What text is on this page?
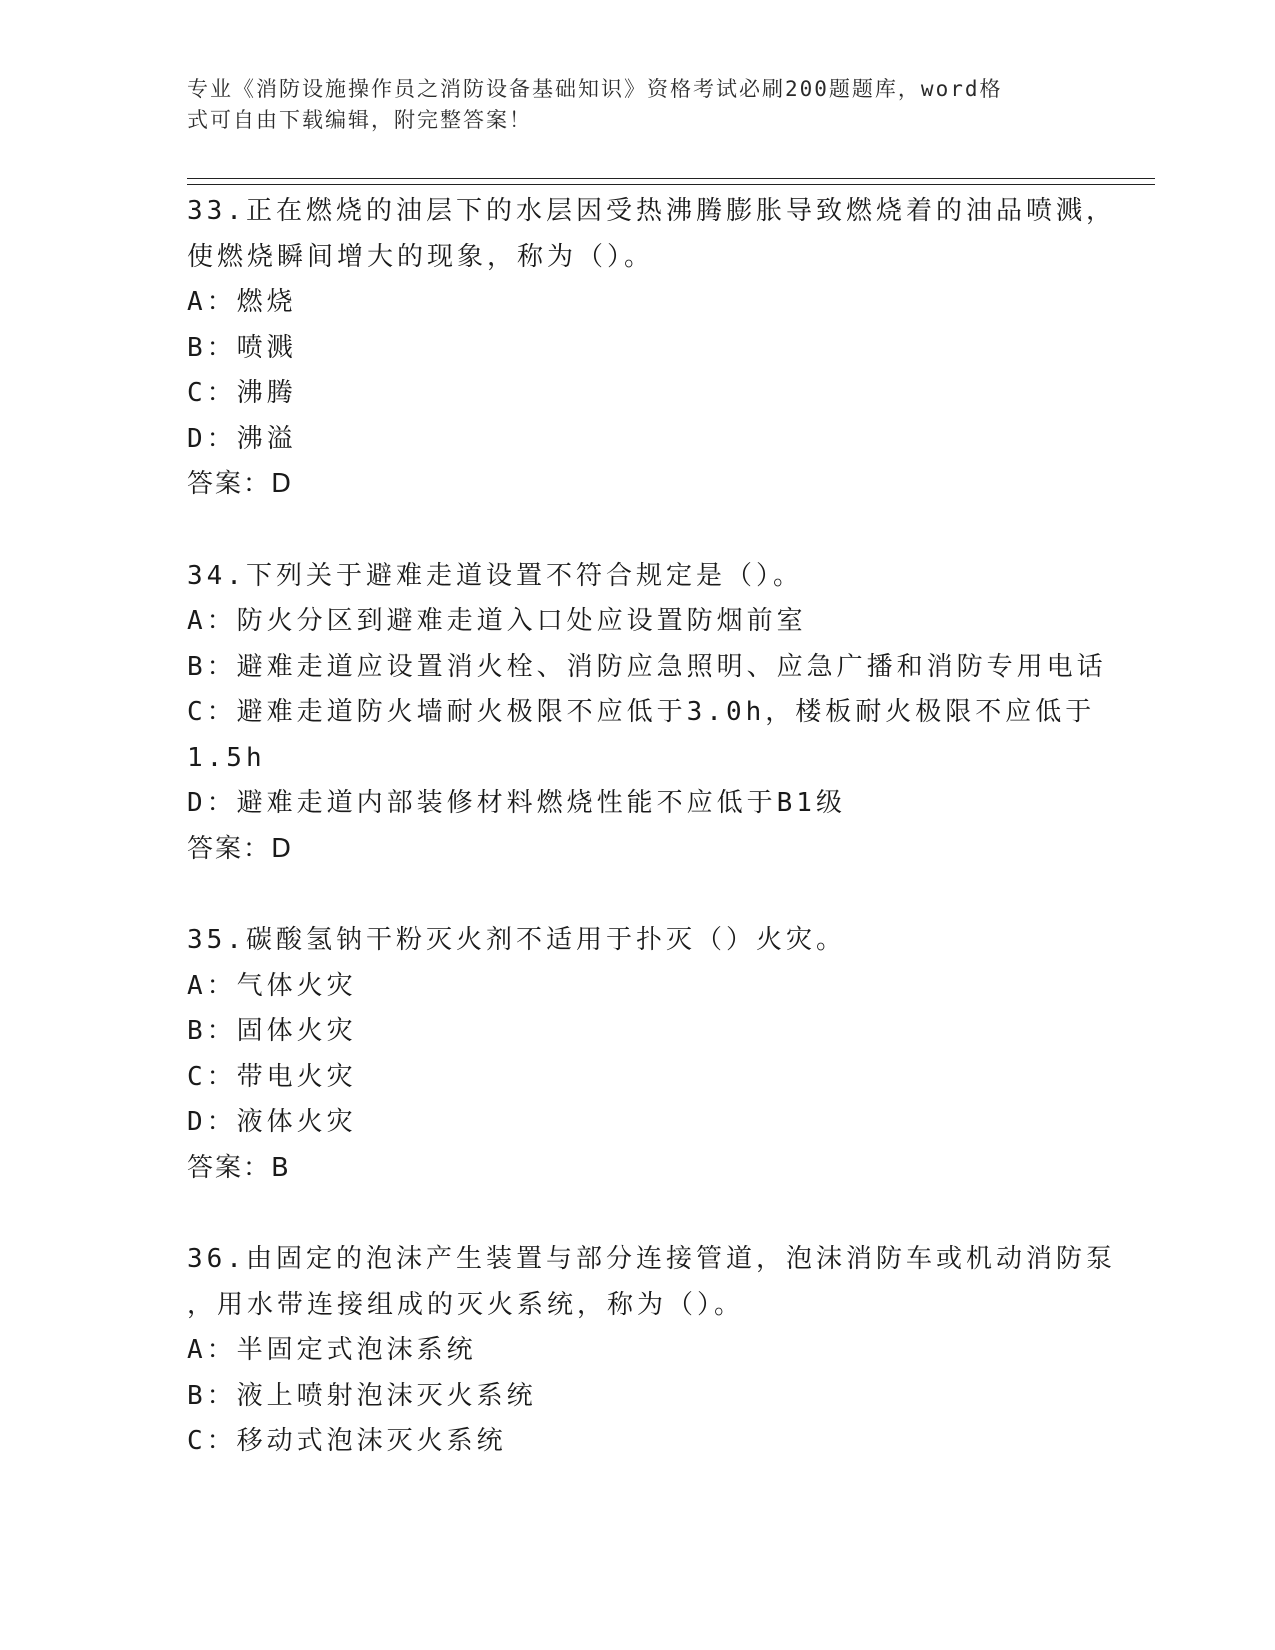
专业《消防设施操作员之消防设备基础知识》资格考试必刷200题题库，word格
式可自由下载编辑，附完整答案！
33.正在燃烧的油层下的水层因受热沸腾膨胀导致燃烧着的油品喷溅，
使燃烧瞬间增大的现象，称为（）。
A：燃烧
B：喷溅
C：沸腾
D：沸溢
答案：D
34.下列关于避难走道设置不符合规定是（）。
A：防火分区到避难走道入口处应设置防烟前室
B：避难走道应设置消火栓、消防应急照明、应急广播和消防专用电话
C：避难走道防火墙耐火极限不应低于3.0h，楼板耐火极限不应低于
1.5h
D：避难走道内部装修材料燃烧性能不应低于B1级
答案：D
35.碳酸氢钠干粉灭火剂不适用于扑灭（）火灾。
A：气体火灾
B：固体火灾
C：带电火灾
D：液体火灾
答案：B
36.由固定的泡沫产生装置与部分连接管道，泡沫消防车或机动消防泵
，用水带连接组成的灭火系统，称为（）。
A：半固定式泡沫系统
B：液上喷射泡沫灭火系统
C：移动式泡沫灭火系统
